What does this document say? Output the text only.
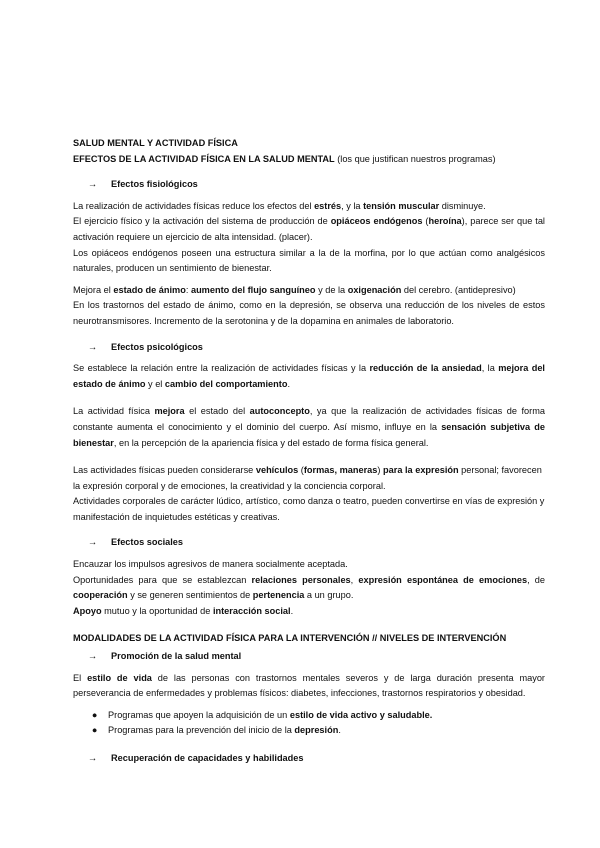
SALUD MENTAL Y ACTIVIDAD FÍSICA

EFECTOS DE LA ACTIVIDAD FÍSICA EN LA SALUD MENTAL (los que justifican nuestros programas)

→	Efectos fisiológicos

La realización de actividades físicas reduce los efectos del estrés, y la tensión muscular disminuye.

El ejercicio físico y la activación del sistema de producción de opiáceos endógenos (heroína), parece ser que tal activación requiere un ejercicio de alta intensidad. (placer).

Los opiáceos endógenos poseen una estructura similar a la de la morfina, por lo que actúan como analgésicos naturales, producen un sentimiento de bienestar.

Mejora el estado de ánimo: aumento del flujo sanguíneo y de la oxigenación del cerebro. (antidepresivo)

En los trastornos del estado de ánimo, como en la depresión, se observa una reducción de los niveles de estos neurotransmisores. Incremento de la serotonina y de la dopamina en animales de laboratorio.

→	Efectos psicológicos

Se establece la relación entre la realización de actividades físicas y la reducción de la ansiedad, la mejora del estado de ánimo y el cambio del comportamiento.

La actividad física mejora el estado del autoconcepto, ya que la realización de actividades físicas de forma constante aumenta el conocimiento y el dominio del cuerpo. Así mismo, influye en la sensación subjetiva de bienestar, en la percepción de la apariencia física y del estado de forma física general.

Las actividades físicas pueden considerarse vehículos (formas, maneras) para la expresión personal; favorecen la expresión corporal y de emociones, la creatividad y la conciencia corporal.

Actividades corporales de carácter lúdico, artístico, como danza o teatro, pueden convertirse en vías de expresión y manifestación de inquietudes estéticas y creativas.

→	Efectos sociales

Encauzar los impulsos agresivos de manera socialmente aceptada.

Oportunidades para que se establezcan relaciones personales, expresión espontánea de emociones, de cooperación y se generen sentimientos de pertenencia a un grupo.

Apoyo mutuo y la oportunidad de interacción social.

MODALIDADES DE LA ACTIVIDAD FÍSICA PARA LA INTERVENCIÓN // NIVELES DE INTERVENCIÓN

→	Promoción de la salud mental

El estilo de vida de las personas con trastornos mentales severos y de larga duración presenta mayor perseverancia de enfermedades y problemas físicos: diabetes, infecciones, trastornos respiratorios y obesidad.

●	Programas que apoyen la adquisición de un estilo de vida activo y saludable.
●	Programas para la prevención del inicio de la depresión.
→	Recuperación de capacidades y habilidades
